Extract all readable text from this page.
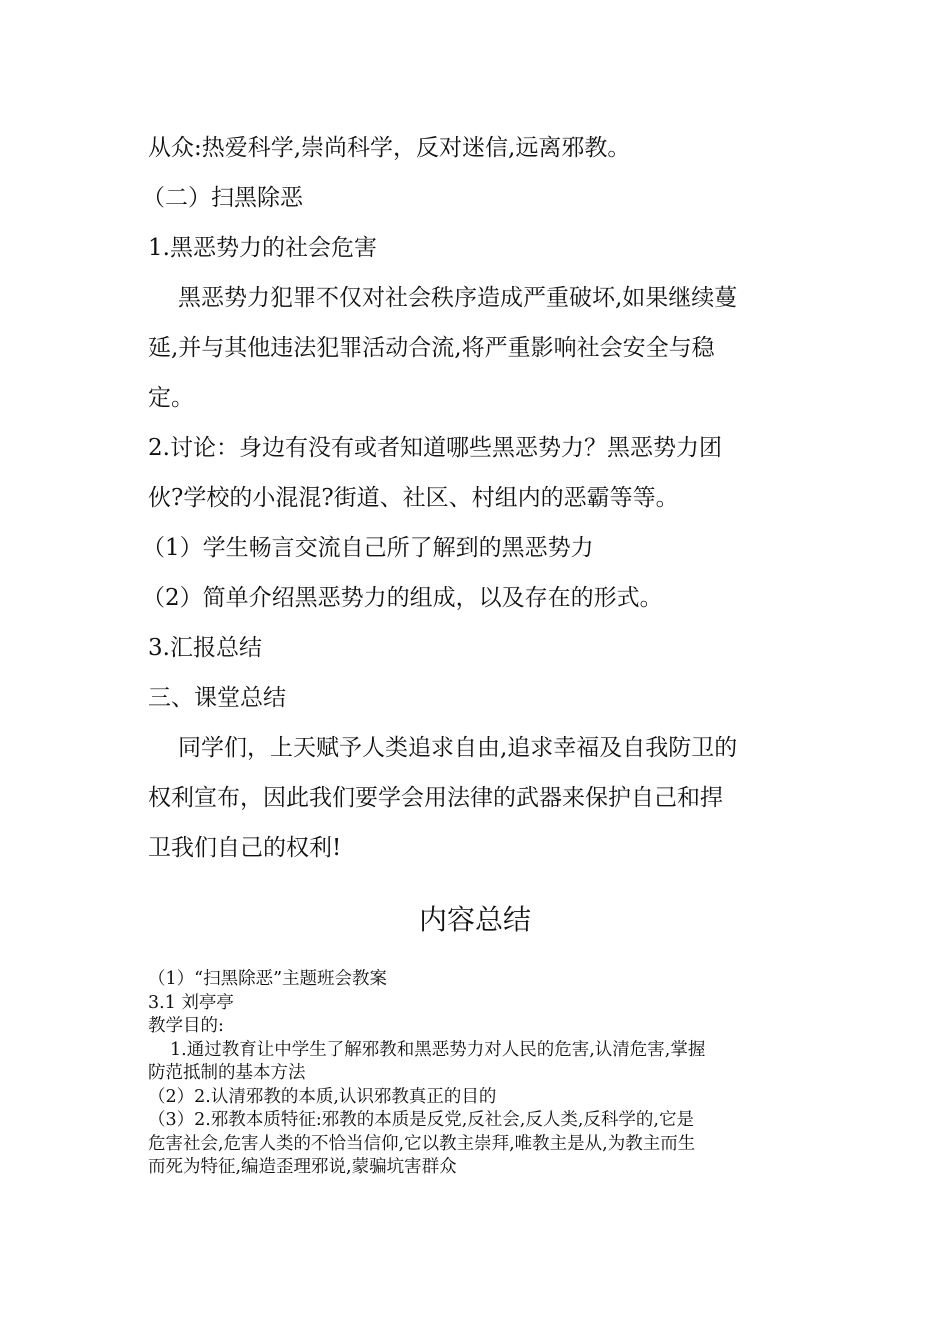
从众:热爱科学,崇尚科学，反对迷信,远离邪教。

（二）扫黑除恶

1.黑恶势力的社会危害

黑恶势力犯罪不仅对社会秩序造成严重破坏,如果继续蔓

延,并与其他违法犯罪活动合流,将严重影响社会安全与稳

定。

2.讨论：身边有没有或者知道哪些黑恶势力？黑恶势力团

伙?学校的小混混?街道、社区、村组内的恶霸等等。

（1）学生畅言交流自己所了解到的黑恶势力

（2）简单介绍黑恶势力的组成，以及存在的形式。

3.汇报总结

三、课堂总结

同学们，上天赋予人类追求自由,追求幸福及自我防卫的

权利宣布，因此我们要学会用法律的武器来保护自己和捍

卫我们自己的权利!

内容总结

（1）“扫黑除恶”主题班会教案

3.1 刘亭亭

教学目的:

1.通过教育让中学生了解邪教和黑恶势力对人民的危害,认清危害,掌握

防范抵制的基本方法

（2）2.认清邪教的本质,认识邪教真正的目的

（3）2.邪教本质特征:邪教的本质是反党,反社会,反人类,反科学的,它是

危害社会,危害人类的不恰当信仰,它以教主崇拜,唯教主是从,为教主而生

而死为特征,编造歪理邪说,蒙骗坑害群众
